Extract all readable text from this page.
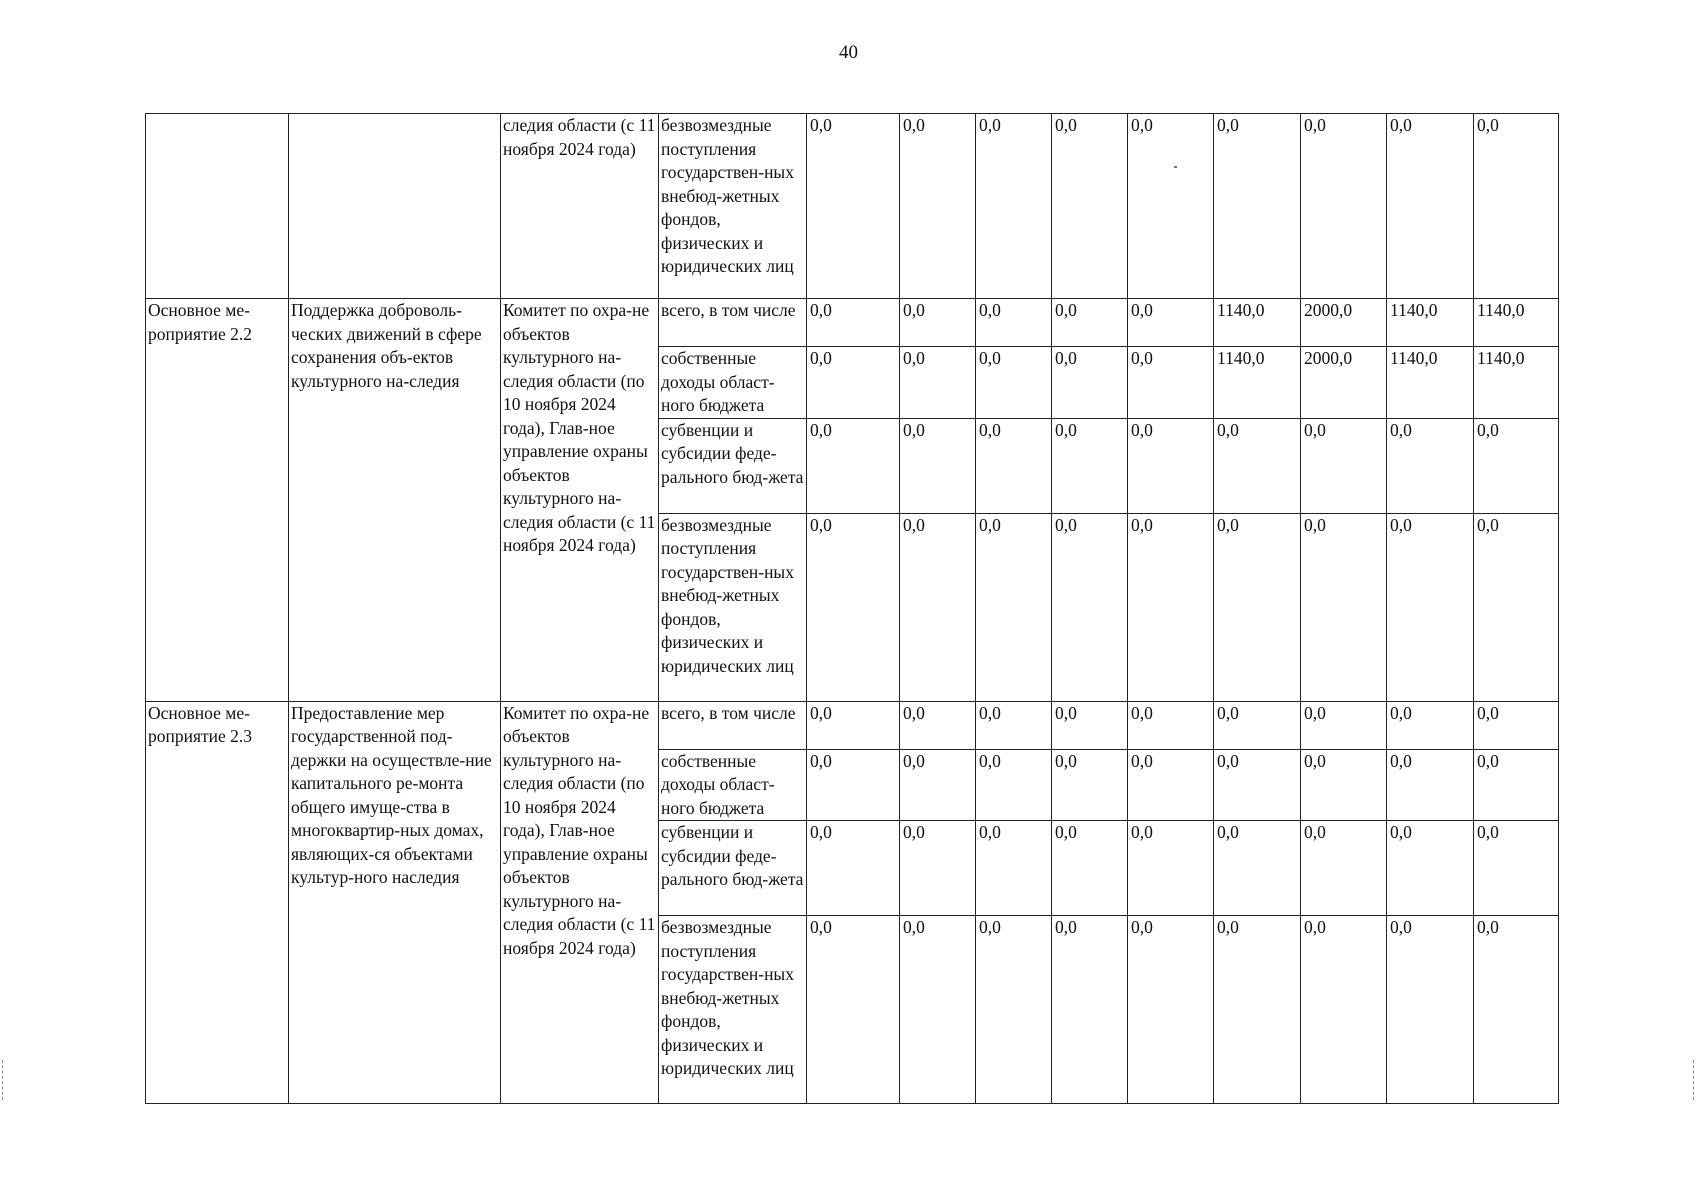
40
		следия области (с 11 ноября 2024 года)	безвозмездные поступления государствен-ных внебюд-жетных фондов, физических и юридических лиц	0,0	0,0	0,0	0,0	0,0	0,0	0,0	0,0	0,0
Основное ме-роприятие 2.2	Поддержка доброволь-ческих движений в сфере сохранения объ-ектов культурного на-следия	Комитет по охра-не объектов культурного на-следия области (по 10 ноября 2024 года), Глав-ное управление охраны объектов культурного на-следия области (с 11 ноября 2024 года)	всего, в том числе	0,0	0,0	0,0	0,0	0,0	1140,0	2000,0	1140,0	1140,0
			собственные доходы област-ного бюджета	0,0	0,0	0,0	0,0	0,0	1140,0	2000,0	1140,0	1140,0
			субвенции и субсидии феде-рального бюд-жета	0,0	0,0	0,0	0,0	0,0	0,0	0,0	0,0	0,0
			безвозмездные поступления государствен-ных внебюд-жетных фондов, физических и юридических лиц	0,0	0,0	0,0	0,0	0,0	0,0	0,0	0,0	0,0
Основное ме-роприятие 2.3	Предоставление мер государственной под-держки на осуществле-ние капитального ре-монта общего имуще-ства в многоквартир-ных домах, являющих-ся объектами культур-ного наследия	Комитет по охра-не объектов культурного на-следия области (по 10 ноября 2024 года), Глав-ное управление охраны объектов культурного на-следия области (с 11 ноября 2024 года)	всего, в том числе	0,0	0,0	0,0	0,0	0,0	0,0	0,0	0,0	0,0
			собственные доходы област-ного бюджета	0,0	0,0	0,0	0,0	0,0	0,0	0,0	0,0	0,0
			субвенции и субсидии феде-рального бюд-жета	0,0	0,0	0,0	0,0	0,0	0,0	0,0	0,0	0,0
			безвозмездные поступления государствен-ных внебюд-жетных фондов, физических и юридических лиц	0,0	0,0	0,0	0,0	0,0	0,0	0,0	0,0	0,0
